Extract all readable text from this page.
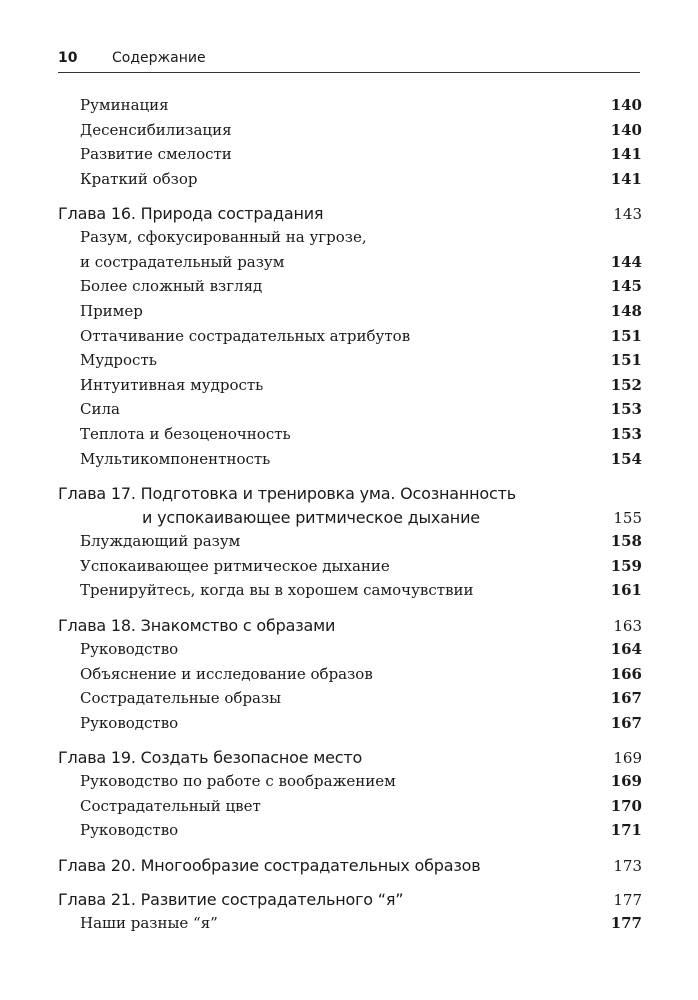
10 Содержание
Руминация	140
Десенсибилизация	140
Развитие смелости	141
Краткий обзор	141
Глава 16. Природа сострадания	143
Разум, сфокусированный на угрозе,
и сострадательный разум	144
Более сложный взгляд	145
Пример	148
Оттачивание сострадательных атрибутов	151
Мудрость	151
Интуитивная мудрость	152
Сила	153
Теплота и безоценочность	153
Мультикомпонентность	154
Глава 17. Подготовка и тренировка ума. Осознанность
и успокаивающее ритмическое дыхание	155
Блуждающий разум	158
Успокаивающее ритмическое дыхание	159
Тренируйтесь, когда вы в хорошем самочувствии	161
Глава 18. Знакомство с образами	163
Руководство	164
Объяснение и исследование образов	166
Сострадательные образы	167
Руководство	167
Глава 19. Создать безопасное место	169
Руководство по работе с воображением	169
Сострадательный цвет	170
Руководство	171
Глава 20. Многообразие сострадательных образов	173
Глава 21. Развитие сострадательного “я”	177
Наши разные “я”	177
